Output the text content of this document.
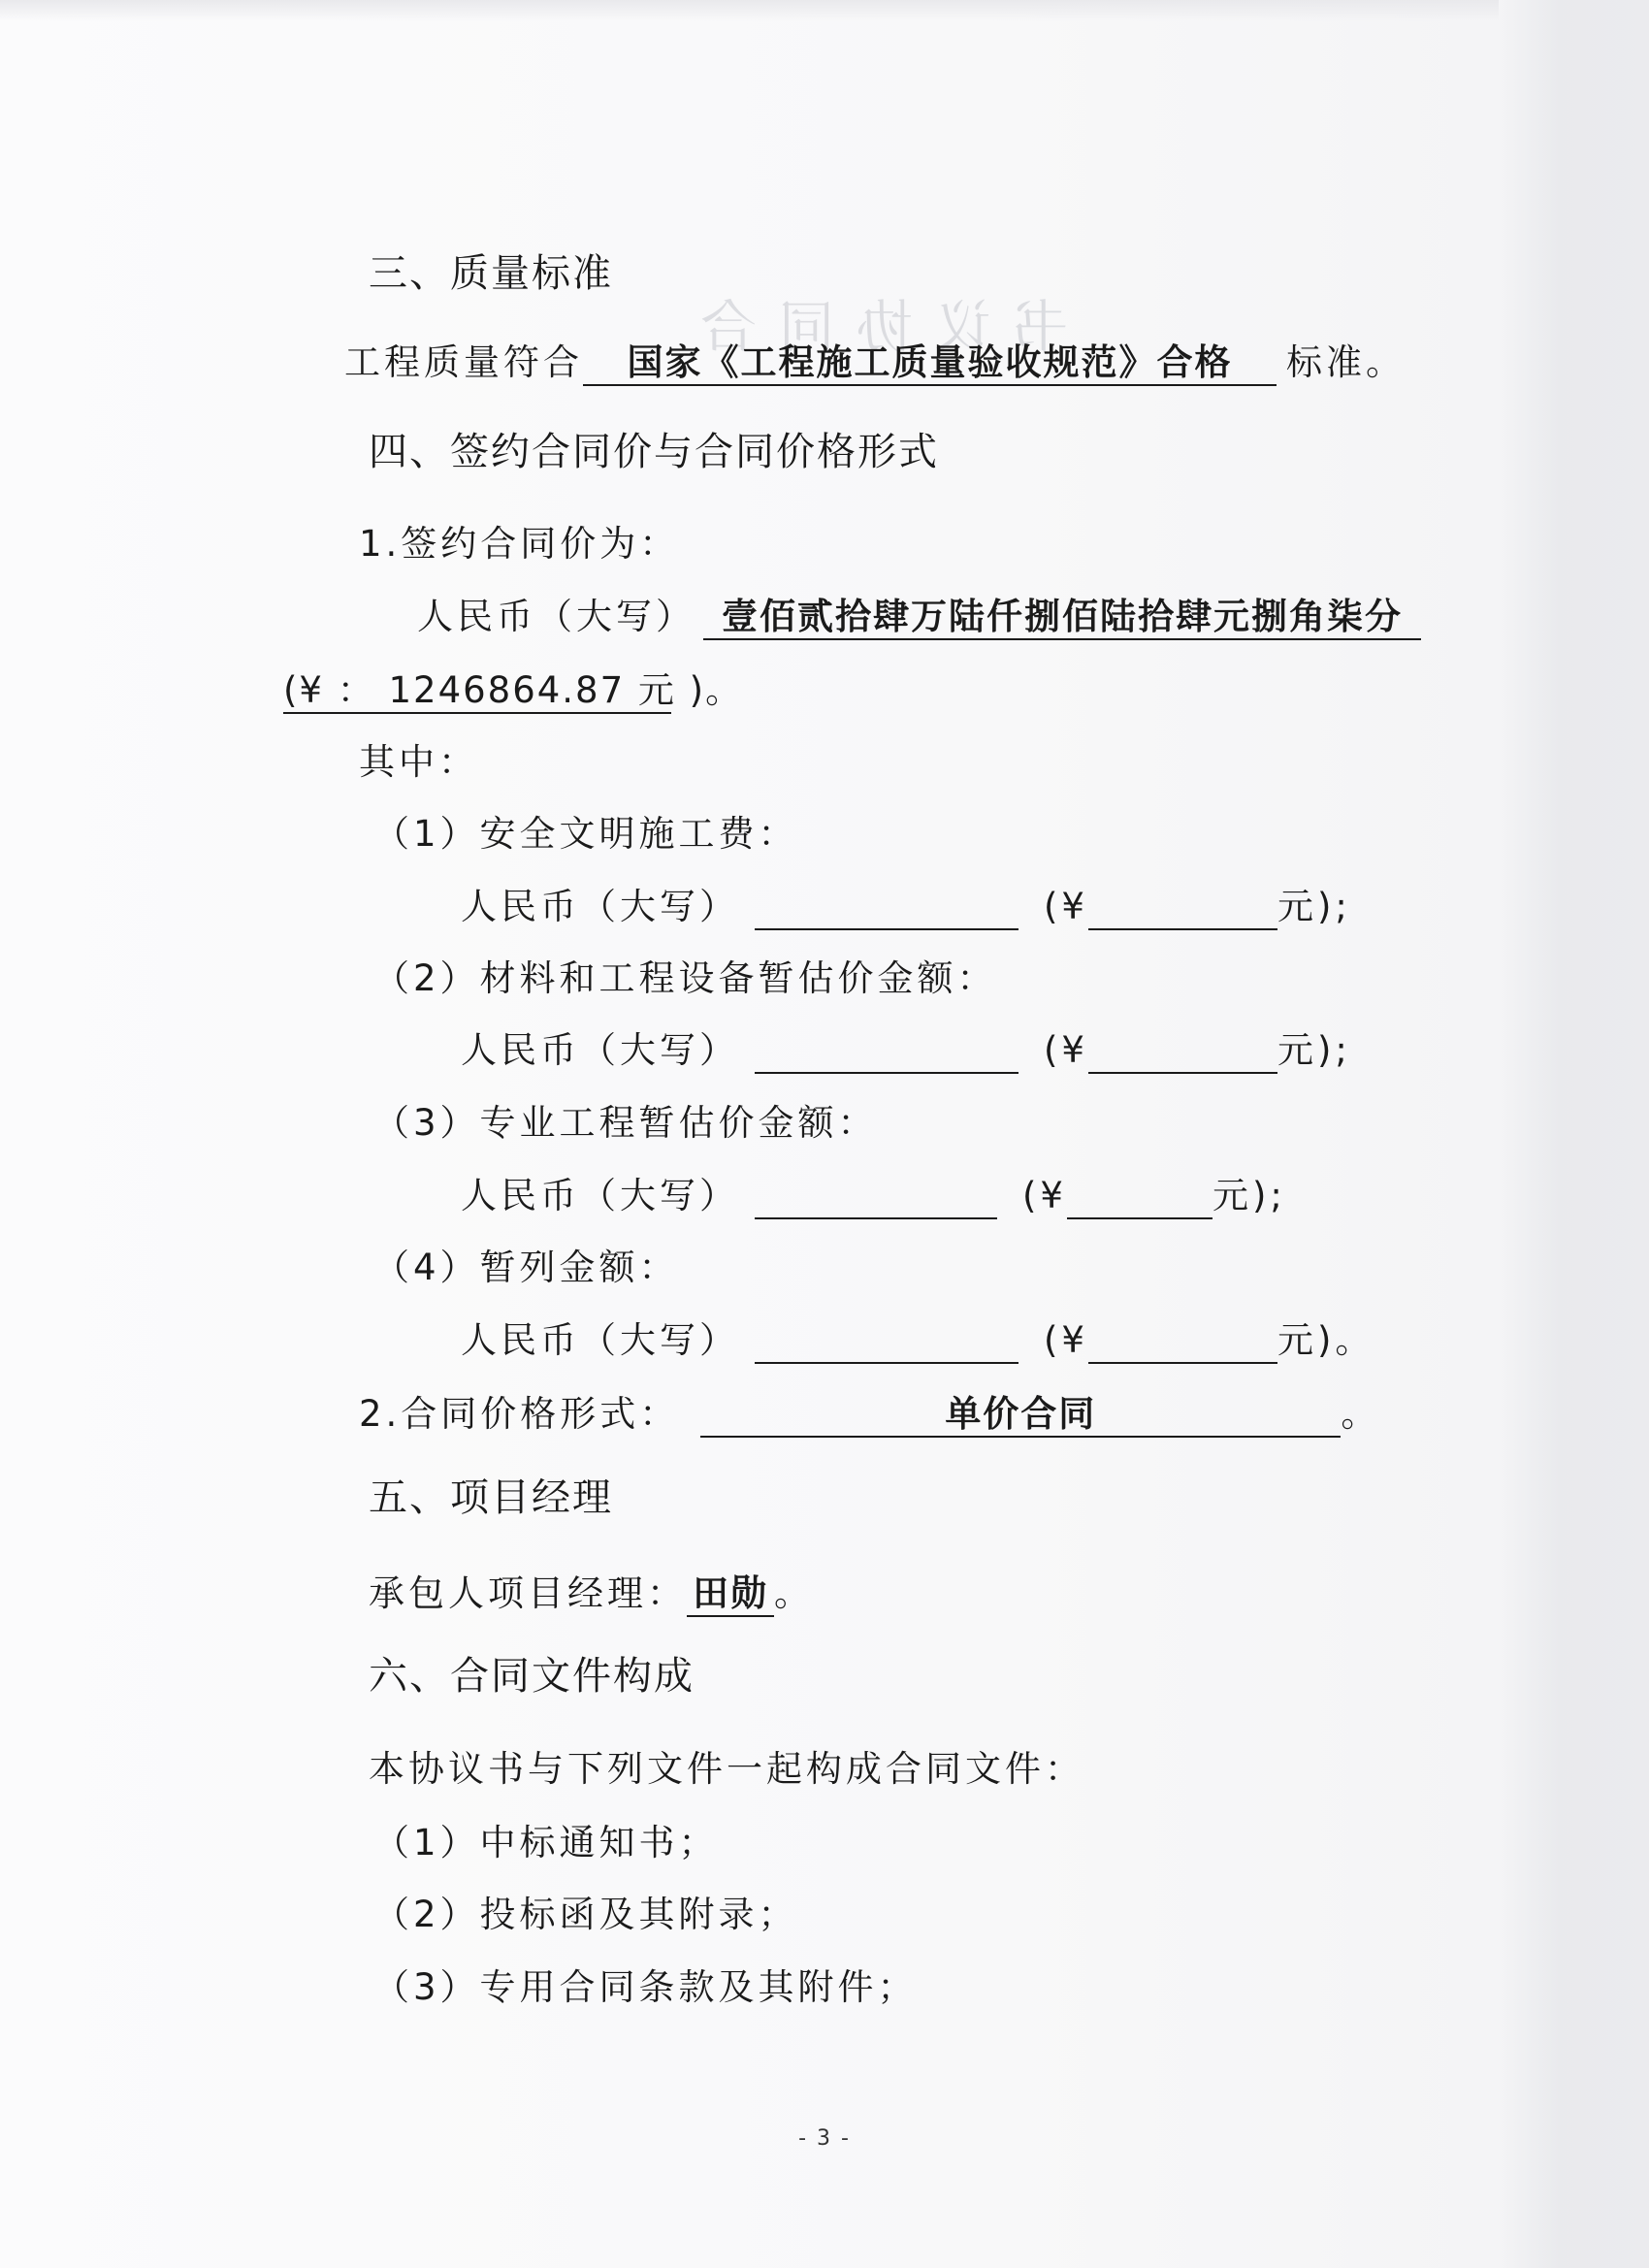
书 议 协 同 合

三、质量标准
工程质量符合 国家《工程施工质量验收规范》合格 标准。
四、签约合同价与合同价格形式
1.签约合同价为：
人民币（大写） 壹佰贰拾肆万陆仟捌佰陆拾肆元捌角柒分
(¥ ： 1246864.87 元 )。
其中：
（1）安全文明施工费：
人民币（大写）	(¥	元);
（2）材料和工程设备暂估价金额：
人民币（大写）	(¥	元);
（3）专业工程暂估价金额：
人民币（大写）	(¥	元);
（4）暂列金额：
人民币（大写）	(¥	元)。
2.合同价格形式：	单价合同	。
五、项目经理
承包人项目经理： 田勋 。
六、合同文件构成
本协议书与下列文件一起构成合同文件：
（1）中标通知书；
（2）投标函及其附录；
（3）专用合同条款及其附件；
- 3 -
